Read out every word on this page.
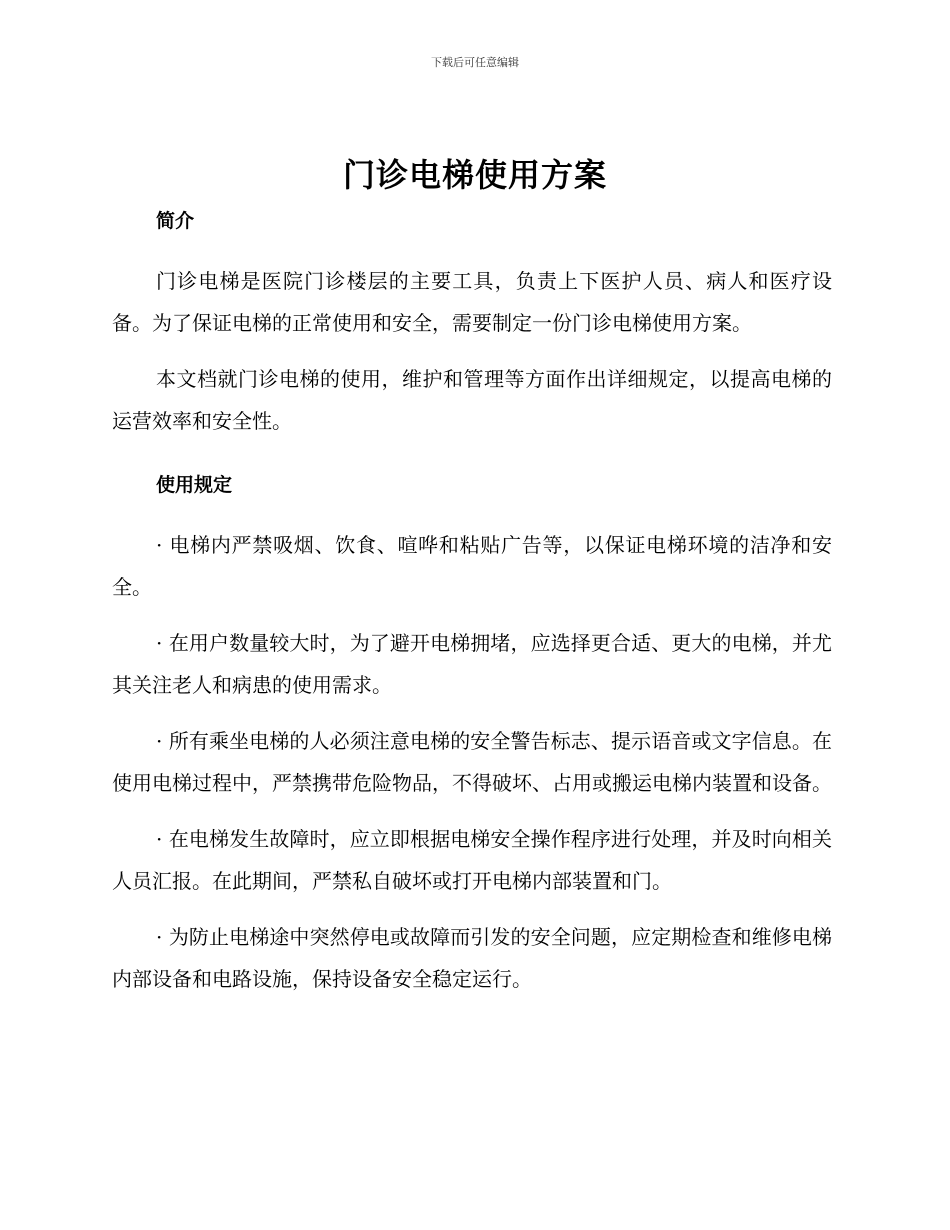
下载后可任意编辑
门诊电梯使用方案
简介

门诊电梯是医院门诊楼层的主要工具，负责上下医护人员、病人和医疗设备。为了保证电梯的正常使用和安全，需要制定一份门诊电梯使用方案。

本文档就门诊电梯的使用，维护和管理等方面作出详细规定，以提高电梯的运营效率和安全性。

使用规定

· 电梯内严禁吸烟、饮食、喧哗和粘贴广告等，以保证电梯环境的洁净和安全。

· 在用户数量较大时，为了避开电梯拥堵，应选择更合适、更大的电梯，并尤其关注老人和病患的使用需求。

· 所有乘坐电梯的人必须注意电梯的安全警告标志、提示语音或文字信息。在使用电梯过程中，严禁携带危险物品，不得破坏、占用或搬运电梯内装置和设备。

· 在电梯发生故障时，应立即根据电梯安全操作程序进行处理，并及时向相关人员汇报。在此期间，严禁私自破坏或打开电梯内部装置和门。

· 为防止电梯途中突然停电或故障而引发的安全问题，应定期检查和维修电梯内部设备和电路设施，保持设备安全稳定运行。
